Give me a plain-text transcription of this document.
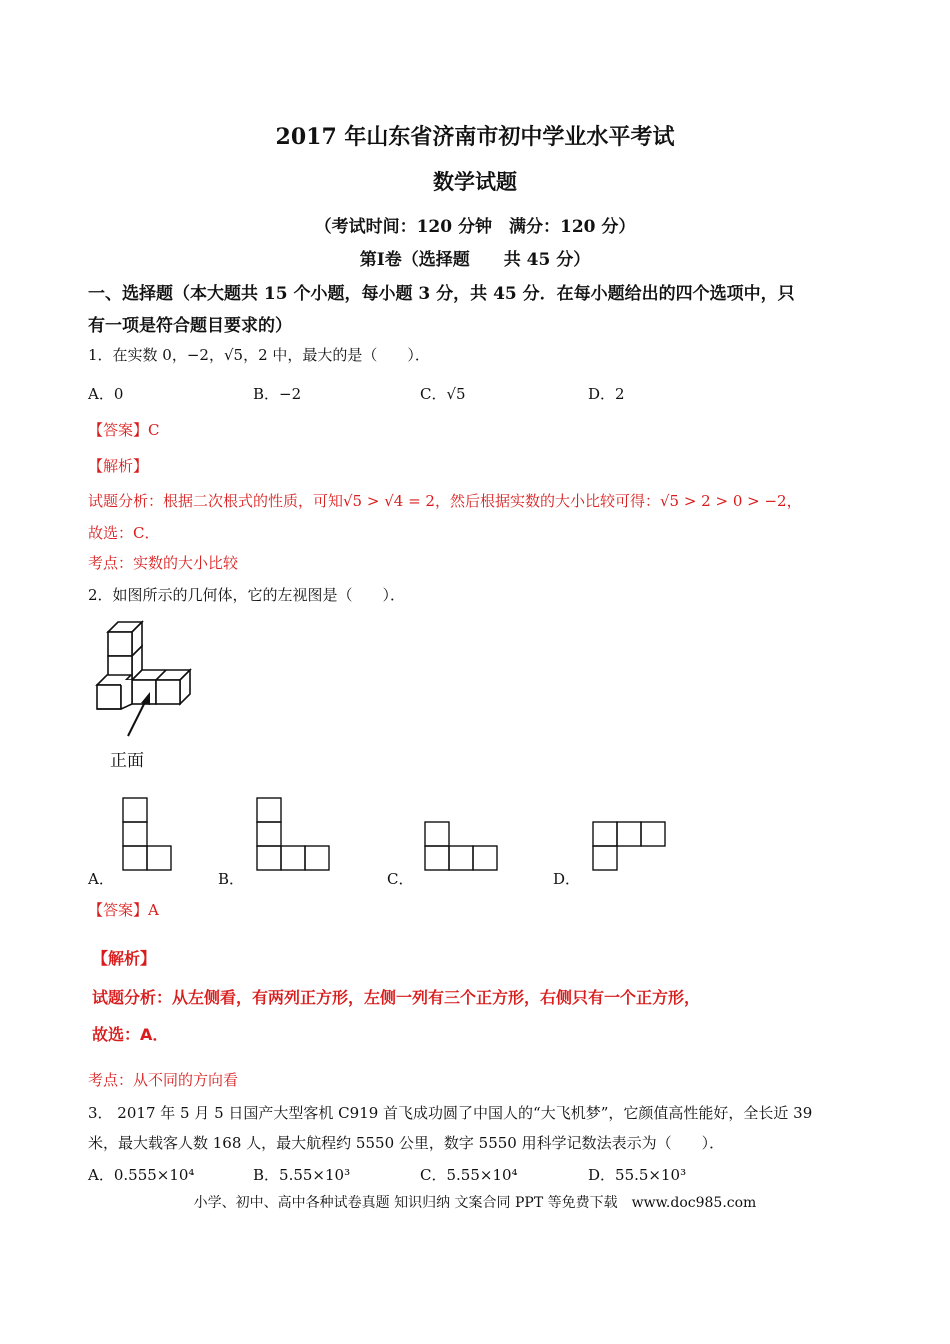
2017 年山东省济南市初中学业水平考试
数学试题
（考试时间：120 分钟　满分：120 分）
第Ⅰ卷（选择题　　共 45 分）
一、选择题（本大题共 15 个小题，每小题 3 分，共 45 分．在每小题给出的四个选项中，只
有一项是符合题目要求的）
1．在实数 0，−2，√5，2 中，最大的是（　　）．
A．0	B．−2	C．√5	D．2
【答案】C
【解析】
试题分析：根据二次根式的性质，可知√5 > √4 = 2，然后根据实数的大小比较可得：√5 > 2 > 0 > −2，
故选：C．
考点：实数的大小比较
2．如图所示的几何体，它的左视图是（　　）．
正面
A．	B．	C．	D．
【答案】A
【解析】
试题分析：从左侧看，有两列正方形，左侧一列有三个正方形，右侧只有一个正方形，
故选：A．
考点：从不同的方向看
3． 2017 年 5 月 5 日国产大型客机 C919 首飞成功圆了中国人的“大飞机梦”，它颜值高性能好，全长近 39
米，最大载客人数 168 人，最大航程约 5550 公里，数字 5550 用科学记数法表示为（　　）．
A．0.555×10⁴	B．5.55×10³	C．5.55×10⁴	D．55.5×10³
小学、初中、高中各种试卷真题 知识归纳 文案合同 PPT 等免费下载　www.doc985.com
